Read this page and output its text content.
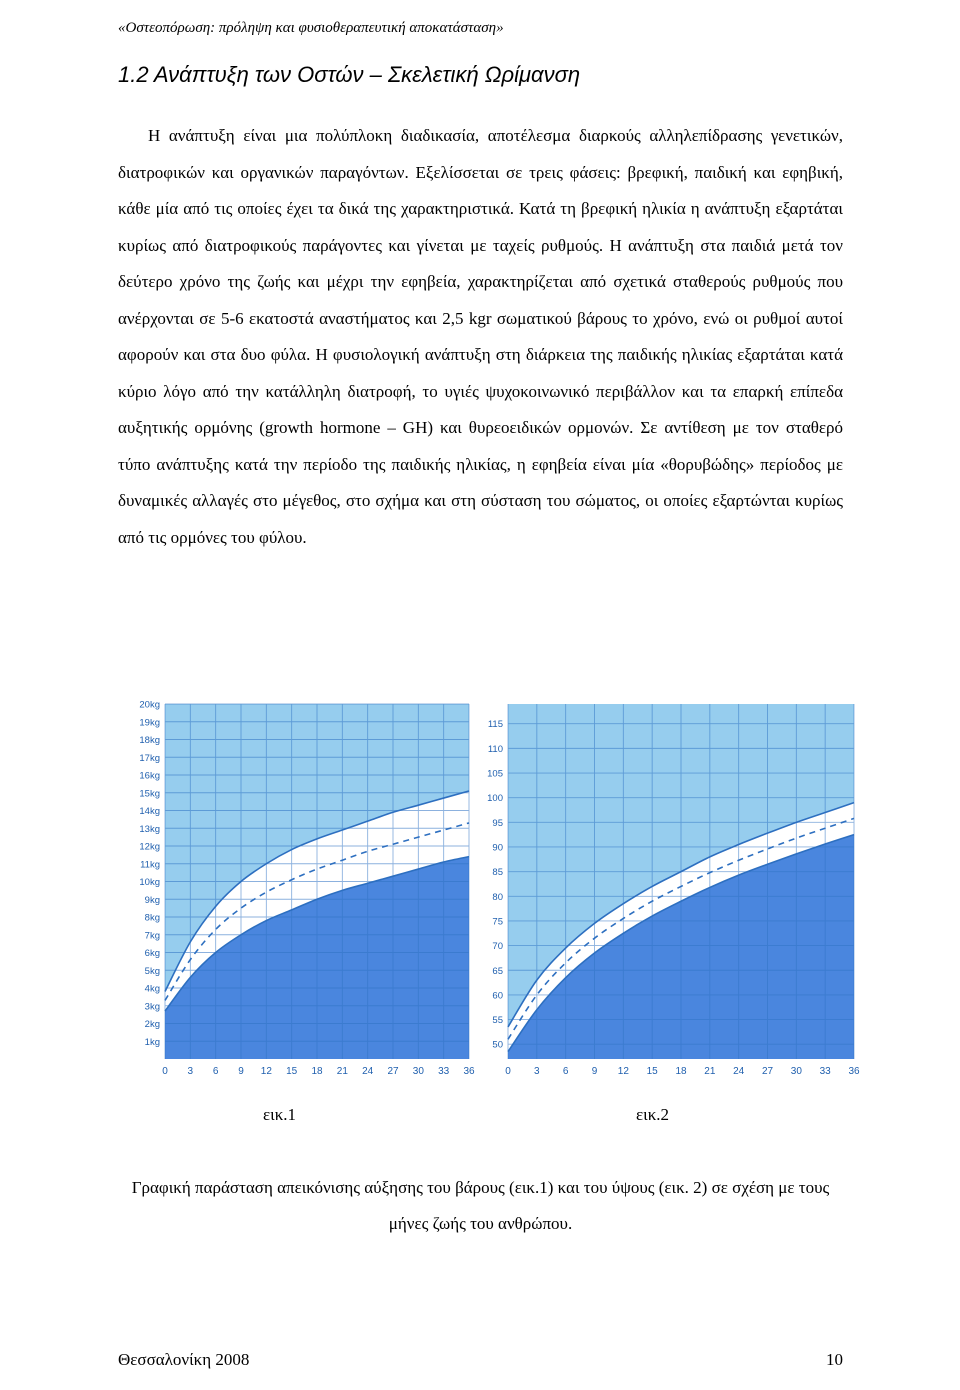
«Οστεοπόρωση: πρόληψη και φυσιοθεραπευτική αποκατάσταση»
1.2 Ανάπτυξη των Οστών – Σκελετική Ωρίμανση

Η ανάπτυξη είναι μια πολύπλοκη διαδικασία, αποτέλεσμα διαρκούς αλληλεπίδρασης γενετικών, διατροφικών και οργανικών παραγόντων. Εξελίσσεται σε τρεις φάσεις: βρεφική, παιδική και εφηβική, κάθε μία από τις οποίες έχει τα δικά της χαρακτηριστικά. Κατά τη βρεφική ηλικία η ανάπτυξη εξαρτάται κυρίως από διατροφικούς παράγοντες και γίνεται με ταχείς ρυθμούς. Η ανάπτυξη στα παιδιά μετά τον δεύτερο χρόνο της ζωής και μέχρι την εφηβεία, χαρακτηρίζεται από σχετικά σταθερούς ρυθμούς που ανέρχονται σε 5-6 εκατοστά αναστήματος και 2,5 kgr σωματικού βάρους το χρόνο, ενώ οι ρυθμοί αυτοί αφορούν και στα δυο φύλα. Η φυσιολογική ανάπτυξη στη διάρκεια της παιδικής ηλικίας εξαρτάται κατά κύριο λόγο από την κατάλληλη διατροφή, το υγιές ψυχοκοινωνικό περιβάλλον και τα επαρκή επίπεδα αυξητικής ορμόνης (growth hormone – GH) και θυρεοειδικών ορμονών. Σε αντίθεση με τον σταθερό τύπο ανάπτυξης κατά την περίοδο της παιδικής ηλικίας, η εφηβεία είναι μία «θορυβώδης» περίοδος με δυναμικές αλλαγές στο μέγεθος, στο σχήμα και στη σύσταση του σώματος, οι οποίες εξαρτώνται κυρίως από τις ορμόνες του φύλου.

1kg
2kg
3kg
4kg
5kg
6kg
7kg
8kg
9kg
10kg
11kg
12kg
13kg
14kg
15kg
16kg
17kg
18kg
19kg
20kg
0 3 6 9 12 15 18 21 24 27 30 33 36
50
55
60
65
70
75
80
85
90
95
100
105
110
115
0 3 6 9 12 15 18 21 24 27 30 33 36
εικ.1	εικ.2

Γραφική παράσταση απεικόνισης αύξησης του βάρους (εικ.1) και του ύψους (εικ. 2) σε σχέση με τους μήνες ζωής του ανθρώπου.

Θεσσαλονίκη 2008	10
